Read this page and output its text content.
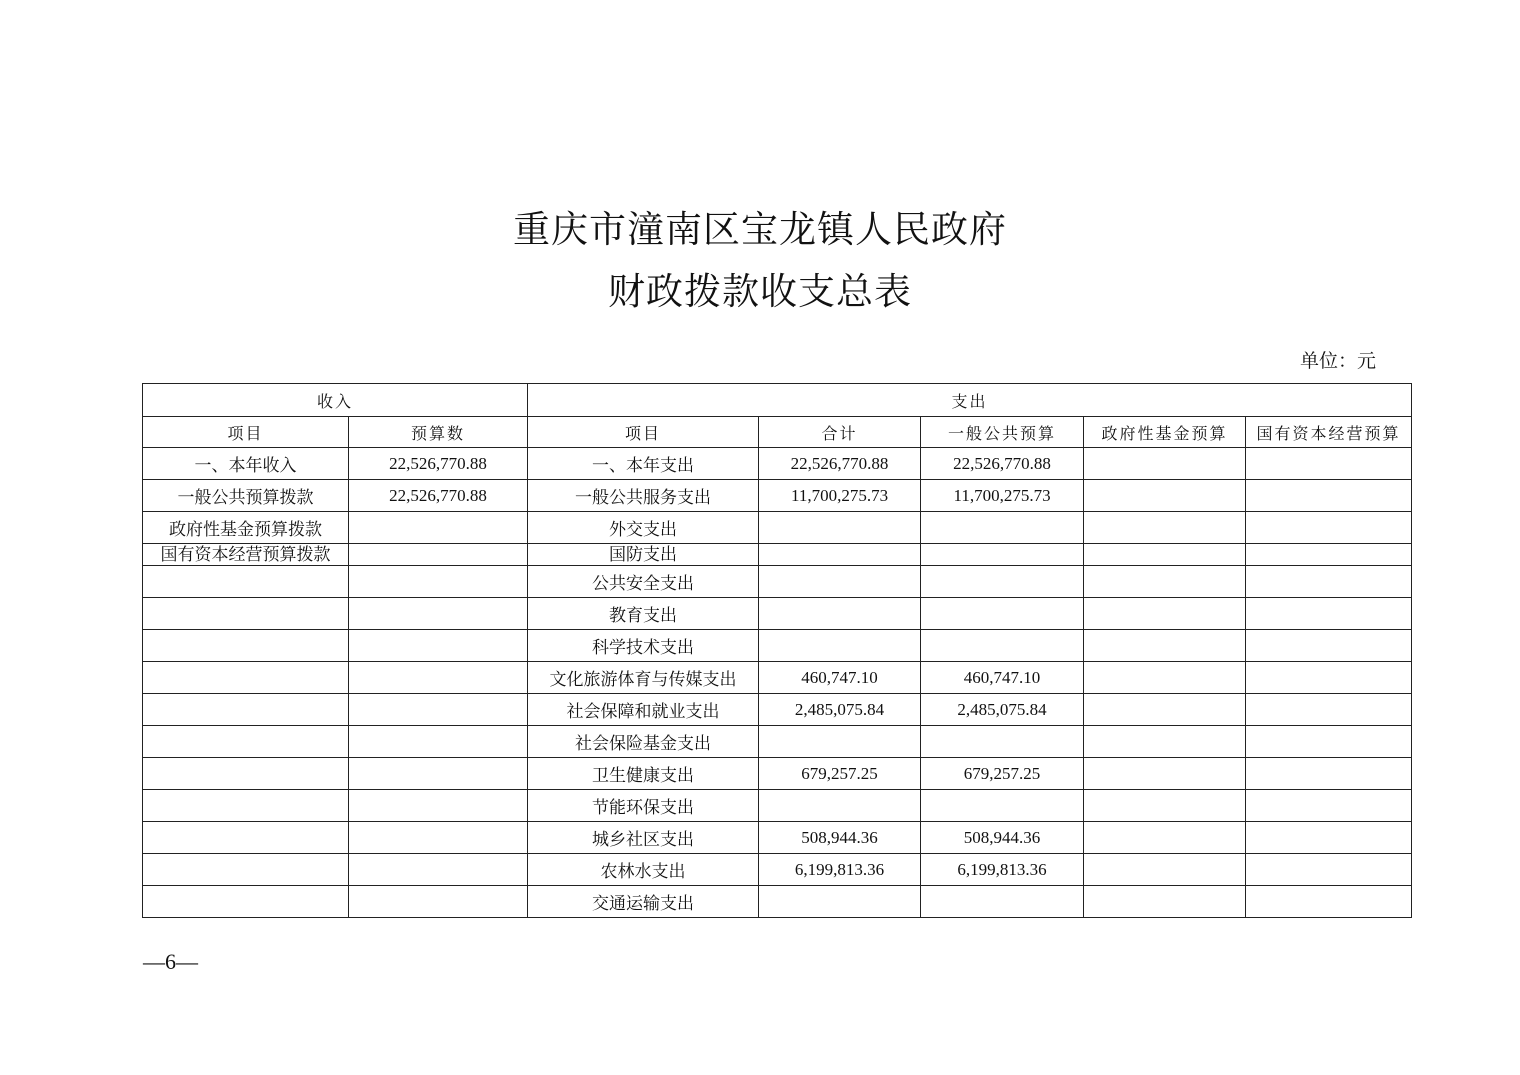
重庆市潼南区宝龙镇人民政府
财政拨款收支总表
单位：元
收入		支出				
项目	预算数	项目	合计	一般公共预算	政府性基金预算	国有资本经营预算
一、本年收入	22,526,770.88	一、本年支出	22,526,770.88	22,526,770.88		
一般公共预算拨款	22,526,770.88	一般公共服务支出	11,700,275.73	11,700,275.73		
政府性基金预算拨款		外交支出				
国有资本经营预算拨款		国防支出				
		公共安全支出				
		教育支出				
		科学技术支出				
		文化旅游体育与传媒支出	460,747.10	460,747.10		
		社会保障和就业支出	2,485,075.84	2,485,075.84		
		社会保险基金支出				
		卫生健康支出	679,257.25	679,257.25		
		节能环保支出				
		城乡社区支出	508,944.36	508,944.36		
		农林水支出	6,199,813.36	6,199,813.36		
		交通运输支出				
—6—
